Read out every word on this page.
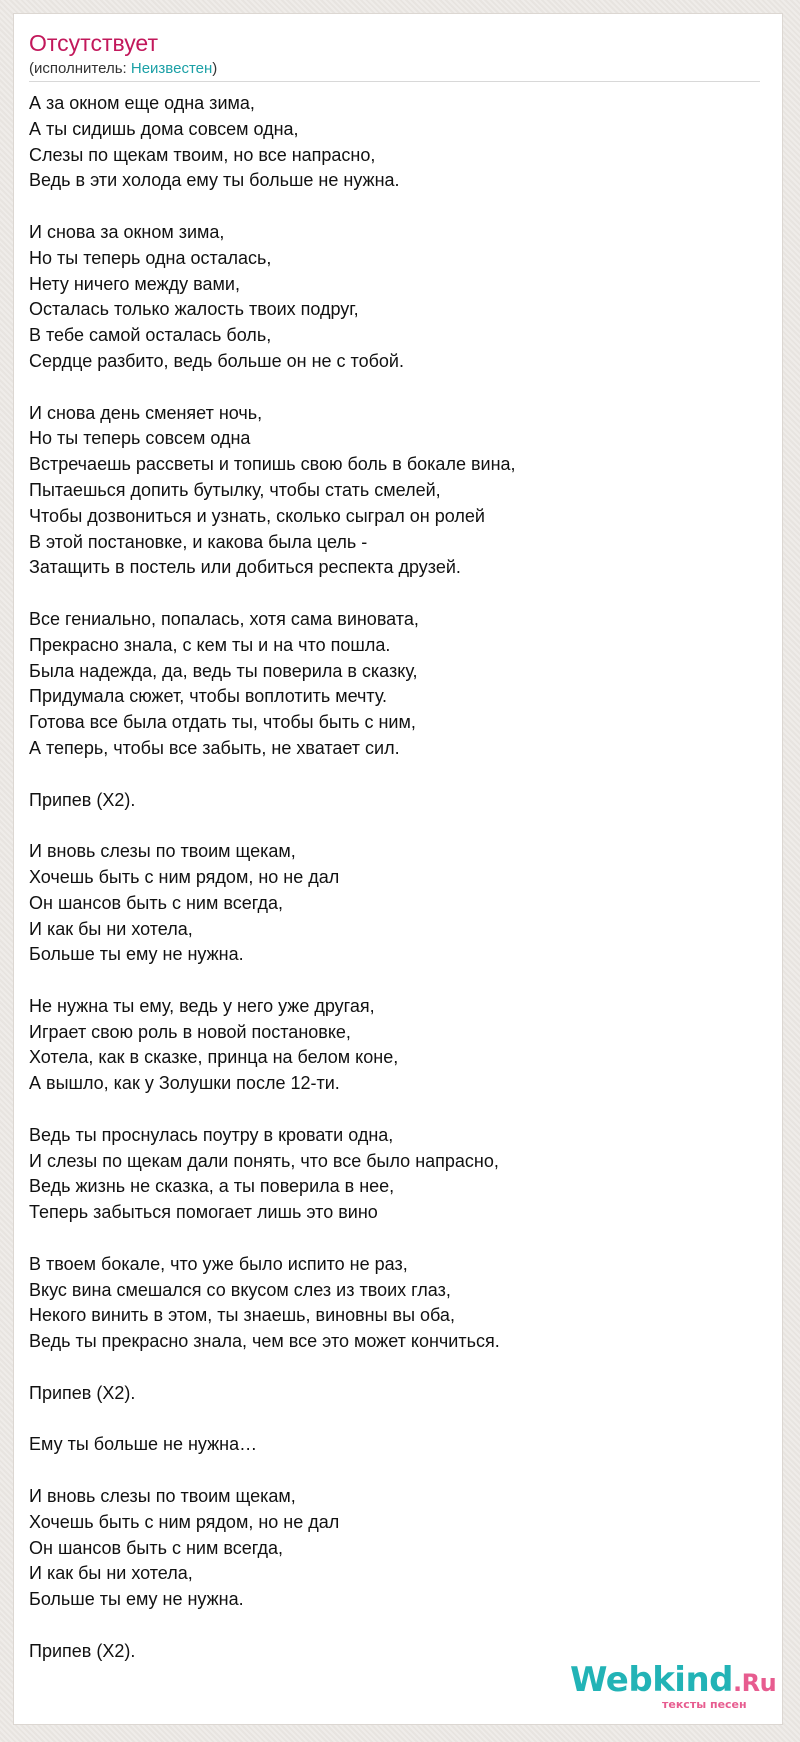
Отсутствует
(исполнитель: Неизвестен)
А за окном еще одна зима,
А ты сидишь дома совсем одна,
Слезы по щекам твоим, но все напрасно,
Ведь в эти холода ему ты больше не нужна.
И снова за окном зима,
Но ты теперь одна осталась,
Нету ничего между вами,
Осталась только жалость твоих подруг,
В тебе самой осталась боль,
Сердце разбито, ведь больше он не с тобой.
И снова день сменяет ночь,
Но ты теперь совсем одна
Встречаешь рассветы и топишь свою боль в бокале вина,
Пытаешься допить бутылку, чтобы стать смелей,
Чтобы дозвониться и узнать, сколько сыграл он ролей
В этой постановке, и какова была цель -
Затащить в постель или добиться респекта друзей.
Все гениально, попалась, хотя сама виновата,
Прекрасно знала, с кем ты и на что пошла.
Была надежда, да, ведь ты поверила в сказку,
Придумала сюжет, чтобы воплотить мечту.
Готова все была отдать ты, чтобы быть с ним,
А теперь, чтобы все забыть, не хватает сил.
Припев (Х2).
И вновь слезы по твоим щекам,
Хочешь быть с ним рядом, но не дал
Он шансов быть с ним всегда,
И как бы ни хотела,
Больше ты ему не нужна.
Не нужна ты ему, ведь у него уже другая,
Играет свою роль в новой постановке,
Хотела, как в сказке, принца на белом коне,
А вышло, как у Золушки после 12-ти.
Ведь ты проснулась поутру в кровати одна,
И слезы по щекам дали понять, что все было напрасно,
Ведь жизнь не сказка, а ты поверила в нее,
Теперь забыться помогает лишь это вино
В твоем бокале, что уже было испито не раз,
Вкус вина смешался со вкусом слез из твоих глаз,
Некого винить в этом, ты знаешь, виновны вы оба,
Ведь ты прекрасно знала, чем все это может кончиться.
Припев (Х2).
Ему ты больше не нужна…
И вновь слезы по твоим щекам,
Хочешь быть с ним рядом, но не дал
Он шансов быть с ним всегда,
И как бы ни хотела,
Больше ты ему не нужна.
Припев (Х2).
Webkind.Ru
тексты песен
